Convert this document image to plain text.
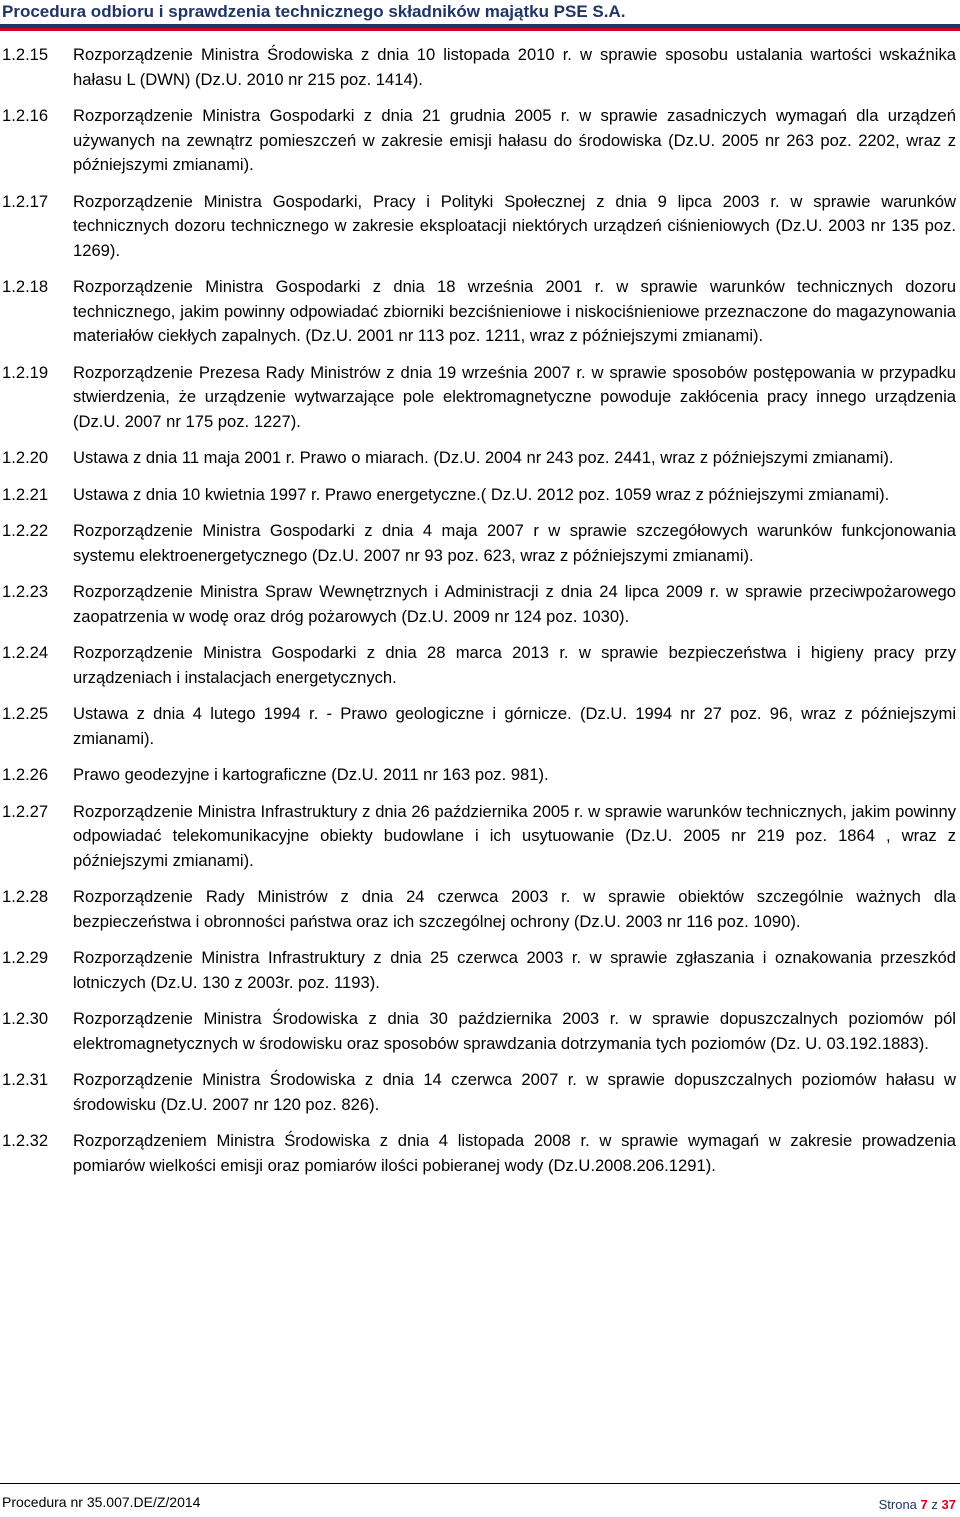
Procedura odbioru i sprawdzenia technicznego składników majątku PSE S.A.
1.2.15	Rozporządzenie Ministra Środowiska z dnia 10 listopada 2010 r. w sprawie sposobu ustalania wartości wskaźnika hałasu L (DWN) (Dz.U. 2010 nr 215 poz. 1414).
1.2.16	Rozporządzenie Ministra Gospodarki z dnia 21 grudnia 2005 r. w sprawie zasadniczych wymagań dla urządzeń używanych na zewnątrz pomieszczeń w zakresie emisji hałasu do środowiska (Dz.U. 2005 nr 263 poz. 2202, wraz z późniejszymi zmianami).
1.2.17	Rozporządzenie Ministra Gospodarki, Pracy i Polityki Społecznej z dnia 9 lipca 2003 r. w sprawie warunków technicznych dozoru technicznego w zakresie eksploatacji niektórych urządzeń ciśnieniowych (Dz.U. 2003 nr 135 poz. 1269).
1.2.18	Rozporządzenie Ministra Gospodarki z dnia 18 września 2001 r. w sprawie warunków technicznych dozoru technicznego, jakim powinny odpowiadać zbiorniki bezciśnieniowe i niskociśnieniowe przeznaczone do magazynowania materiałów ciekłych zapalnych. (Dz.U. 2001 nr 113 poz. 1211, wraz z późniejszymi zmianami).
1.2.19	Rozporządzenie Prezesa Rady Ministrów z dnia 19 września 2007 r. w sprawie sposobów postępowania w przypadku stwierdzenia, że urządzenie wytwarzające pole elektromagnetyczne powoduje zakłócenia pracy innego urządzenia (Dz.U. 2007 nr 175 poz. 1227).
1.2.20	Ustawa z dnia 11 maja 2001 r. Prawo o miarach. (Dz.U. 2004 nr 243 poz. 2441, wraz z późniejszymi zmianami).
1.2.21	Ustawa z dnia 10 kwietnia 1997 r. Prawo energetyczne.( Dz.U. 2012 poz. 1059 wraz z późniejszymi zmianami).
1.2.22	Rozporządzenie Ministra Gospodarki z dnia 4 maja 2007 r w sprawie szczegółowych warunków funkcjonowania systemu elektroenergetycznego (Dz.U. 2007 nr 93 poz. 623, wraz z późniejszymi zmianami).
1.2.23	Rozporządzenie Ministra Spraw Wewnętrznych i Administracji z dnia 24 lipca 2009 r. w sprawie przeciwpożarowego zaopatrzenia w wodę oraz dróg pożarowych (Dz.U. 2009 nr 124 poz. 1030).
1.2.24	Rozporządzenie Ministra Gospodarki z dnia 28 marca 2013 r. w sprawie bezpieczeństwa i higieny pracy przy urządzeniach i instalacjach energetycznych.
1.2.25	Ustawa z dnia 4 lutego 1994 r. - Prawo geologiczne i górnicze. (Dz.U. 1994 nr 27 poz. 96, wraz z późniejszymi zmianami).
1.2.26	Prawo geodezyjne i kartograficzne (Dz.U. 2011 nr 163 poz. 981).
1.2.27	Rozporządzenie Ministra Infrastruktury z dnia 26 października 2005 r. w sprawie warunków technicznych, jakim powinny odpowiadać telekomunikacyjne obiekty budowlane i ich usytuowanie (Dz.U. 2005 nr 219 poz. 1864 , wraz z późniejszymi zmianami).
1.2.28	Rozporządzenie Rady Ministrów z dnia 24 czerwca 2003 r. w sprawie obiektów szczególnie ważnych dla bezpieczeństwa i obronności państwa oraz ich szczególnej ochrony (Dz.U. 2003 nr 116 poz. 1090).
1.2.29	Rozporządzenie Ministra Infrastruktury z dnia 25 czerwca 2003 r. w sprawie zgłaszania i oznakowania przeszkód lotniczych (Dz.U. 130 z 2003r. poz. 1193).
1.2.30	Rozporządzenie Ministra Środowiska z dnia 30 października 2003 r. w sprawie dopuszczalnych poziomów pól elektromagnetycznych w środowisku oraz sposobów sprawdzania dotrzymania tych poziomów (Dz. U. 03.192.1883).
1.2.31	Rozporządzenie Ministra Środowiska z dnia 14 czerwca 2007 r. w sprawie dopuszczalnych poziomów hałasu w środowisku (Dz.U. 2007 nr 120 poz. 826).
1.2.32	Rozporządzeniem Ministra Środowiska z dnia 4 listopada 2008 r. w sprawie wymagań w zakresie prowadzenia pomiarów wielkości emisji oraz pomiarów ilości pobieranej wody (Dz.U.2008.206.1291).
Procedura nr 35.007.DE/Z/2014	Strona 7 z 37
